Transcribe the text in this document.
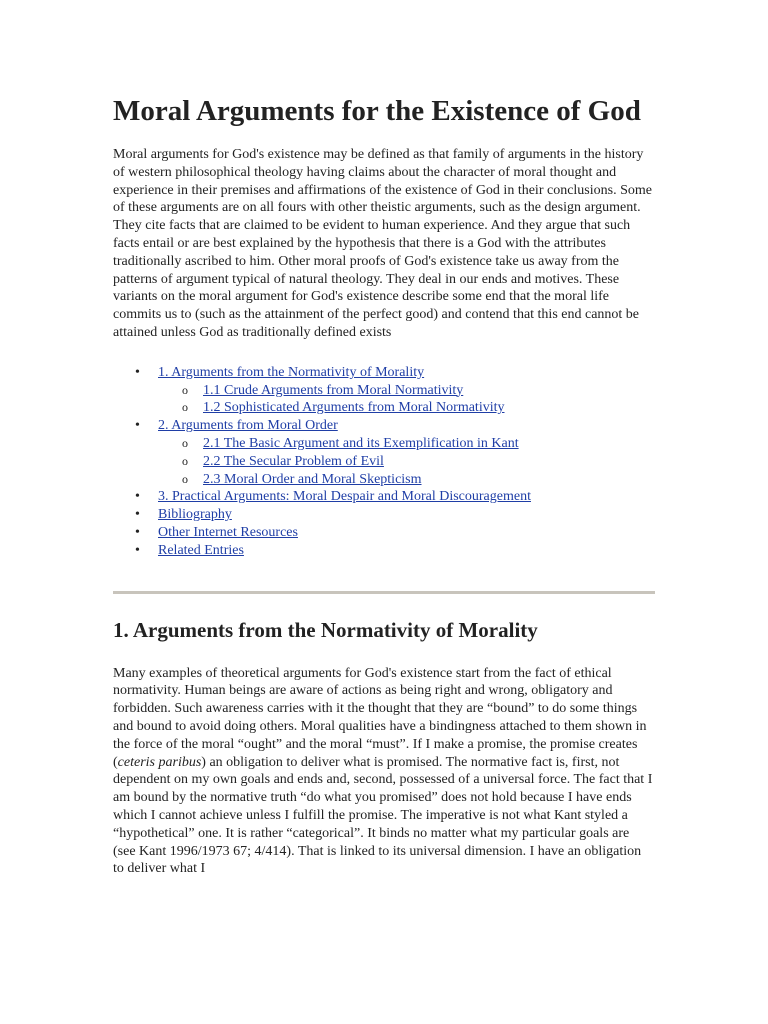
Moral Arguments for the Existence of God

Moral arguments for God's existence may be defined as that family of arguments in the history of western philosophical theology having claims about the character of moral thought and experience in their premises and affirmations of the existence of God in their conclusions. Some of these arguments are on all fours with other theistic arguments, such as the design argument. They cite facts that are claimed to be evident to human experience. And they argue that such facts entail or are best explained by the hypothesis that there is a God with the attributes traditionally ascribed to him. Other moral proofs of God's existence take us away from the patterns of argument typical of natural theology. They deal in our ends and motives. These variants on the moral argument for God's existence describe some end that the moral life commits us to (such as the attainment of the perfect good) and contend that this end cannot be attained unless God as traditionally defined exists

• 1. Arguments from the Normativity of Morality
o 1.1 Crude Arguments from Moral Normativity
o 1.2 Sophisticated Arguments from Moral Normativity
• 2. Arguments from Moral Order
o 2.1 The Basic Argument and its Exemplification in Kant
o 2.2 The Secular Problem of Evil
o 2.3 Moral Order and Moral Skepticism
• 3. Practical Arguments: Moral Despair and Moral Discouragement
• Bibliography
• Other Internet Resources
• Related Entries
1. Arguments from the Normativity of Morality

Many examples of theoretical arguments for God's existence start from the fact of ethical normativity. Human beings are aware of actions as being right and wrong, obligatory and forbidden. Such awareness carries with it the thought that they are “bound” to do some things and bound to avoid doing others. Moral qualities have a bindingness attached to them shown in the force of the moral “ought” and the moral “must”. If I make a promise, the promise creates (ceteris paribus) an obligation to deliver what is promised. The normative fact is, first, not dependent on my own goals and ends and, second, possessed of a universal force. The fact that I am bound by the normative truth “do what you promised” does not hold because I have ends which I cannot achieve unless I fulfill the promise. The imperative is not what Kant styled a “hypothetical” one. It is rather “categorical”. It binds no matter what my particular goals are (see Kant 1996/1973 67; 4/414). That is linked to its universal dimension. I have an obligation to deliver what I
